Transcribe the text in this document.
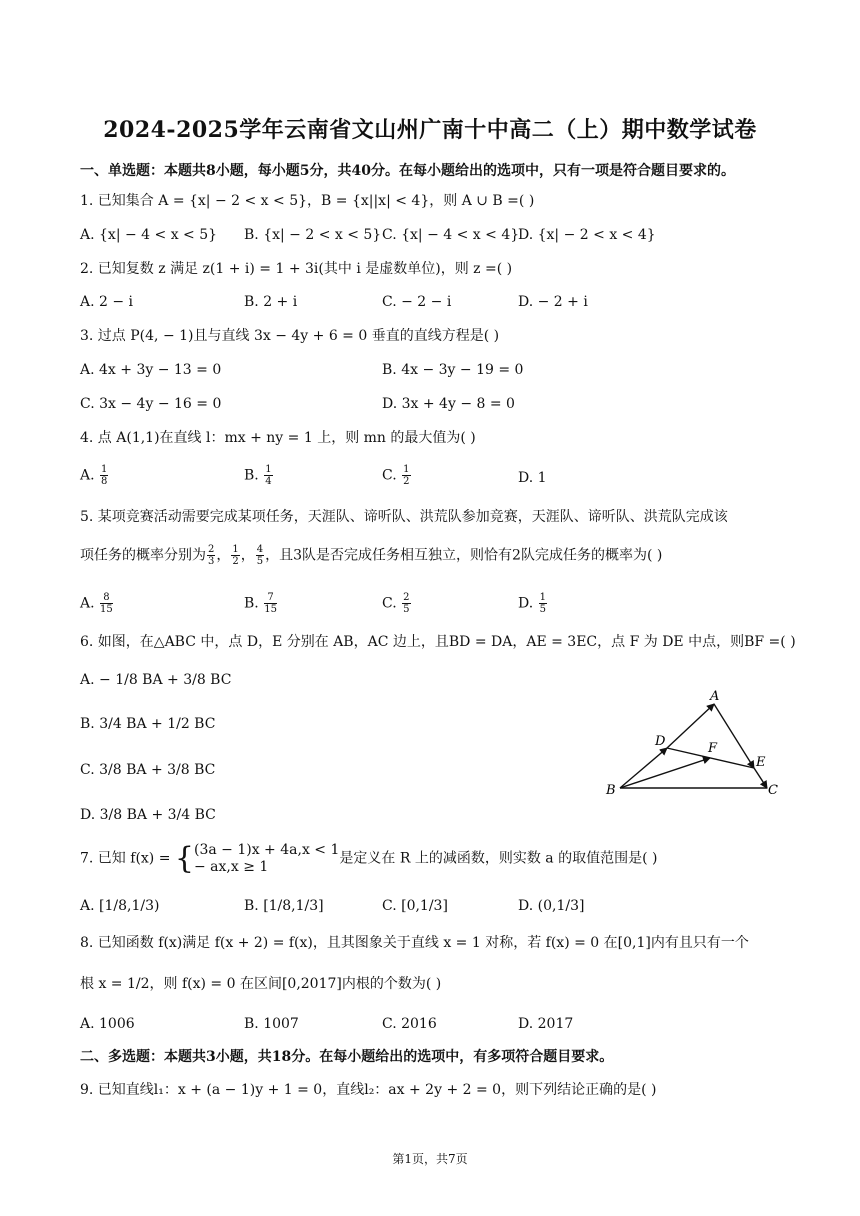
2024-2025学年云南省文山州广南十中高二（上）期中数学试卷
一、单选题：本题共8小题，每小题5分，共40分。在每小题给出的选项中，只有一项是符合题目要求的。
1. 已知集合 A = {x| − 2 < x < 5}，B = {x||x| < 4}，则 A ∪ B =( )
A. {x| − 4 < x < 5} B. {x| − 2 < x < 5} C. {x| − 4 < x < 4}
D. {x| − 2 < x < 4}
2. 已知复数 z 满足 z(1 + i) = 1 + 3i(其中 i 是虚数单位)，则 z =( )
A. 2 − i	B. 2 + i	C. − 2 − i	D. − 2 + i
3. 过点 P(4, − 1)且与直线 3x − 4y + 6 = 0 垂直的直线方程是( )
A. 4x + 3y − 13 = 0	B. 4x − 3y − 19 = 0
C. 3x − 4y − 16 = 0	D. 3x + 4y − 8 = 0
4. 点 A(1,1)在直线 l：mx + ny = 1 上，则 mn 的最大值为( )
A. $\frac{1}{8}$	B. $\frac{1}{4}$	C. $\frac{1}{2}$	D. 1
5. 某项竞赛活动需要完成某项任务，天涯队、谛听队、洪荒队参加竞赛，天涯队、谛听队、洪荒队完成该
项任务的概率分别为 $\frac{2}{3}$ ， $\frac{1}{2}$ ， $\frac{4}{5}$ ，且3队是否完成任务相互独立，则恰有2队完成任务的概率为( )
A. $\frac{8}{15}$	B. $\frac{7}{15}$	C. $\frac{2}{5}$	D. $\frac{1}{5}$
6. 如图，在△ABC 中，点 D，E 分别在 AB，AC 边上，且BD = DA，AE = 3EC，点 F 为 DE 中点，则BF =( )
A. − 1/8 BA + 3/8 BC
B. 3/4 BA + 1/2 BC
C. 3/8 BA + 3/8 BC
D. 3/8 BA + 3/4 BC
A
D	F
E
B	C
7. 已知 f(x) = { (3a − 1)x + 4a,x < 1
− ax,x ≥ 1
是定义在 R 上的减函数，则实数 a 的取值范围是( )
A. [1/8,1/3)	B. [1/8,1/3]	C. [0,1/3]	D. (0,1/3]
8. 已知函数 f(x)满足 f(x + 2) = f(x)，且其图象关于直线 x = 1 对称，若 f(x) = 0 在[0,1]内有且只有一个
根 x = 1/2，则 f(x) = 0 在区间[0,2017]内根的个数为( )
A. 1006	B. 1007	C. 2016	D. 2017
二、多选题：本题共3小题，共18分。在每小题给出的选项中，有多项符合题目要求。
9. 已知直线l₁：x + (a − 1)y + 1 = 0，直线l₂：ax + 2y + 2 = 0，则下列结论正确的是( )
第1页，共7页
